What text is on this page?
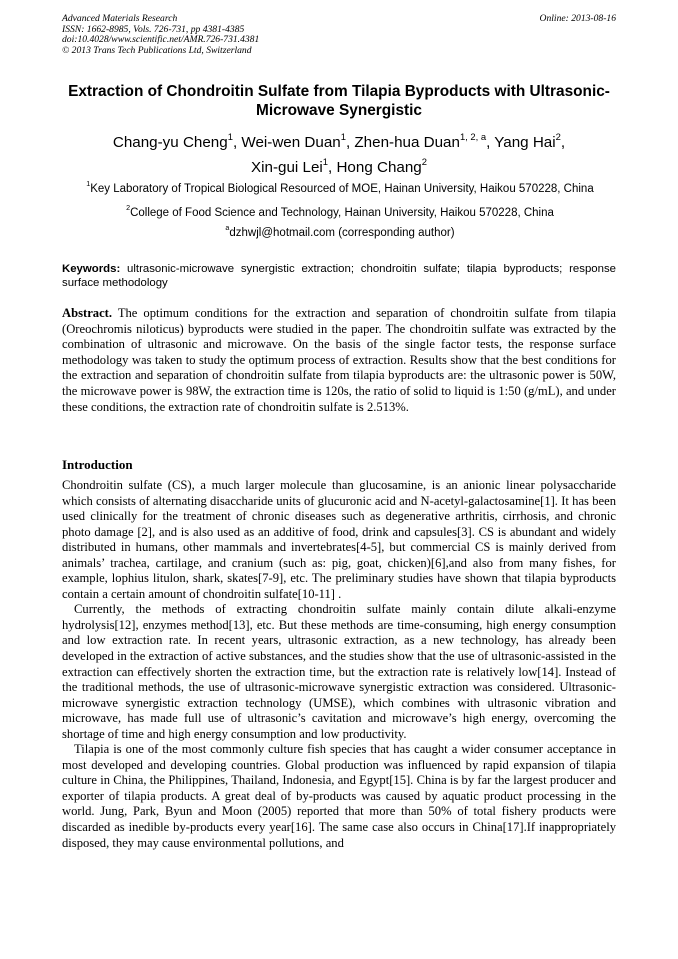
Advanced Materials Research
ISSN: 1662-8985, Vols. 726-731, pp 4381-4385
doi:10.4028/www.scientific.net/AMR.726-731.4381
© 2013 Trans Tech Publications Ltd, Switzerland
Online: 2013-08-16
Extraction of Chondroitin Sulfate from Tilapia Byproducts with Ultrasonic-Microwave Synergistic
Chang-yu Cheng$^1$, Wei-wen Duan$^1$, Zhen-hua Duan$^{1, 2, a}$, Yang Hai$^2$,
Xin-gui Lei$^1$, Hong Chang$^2$
$^1$Key Laboratory of Tropical Biological Resourced of MOE, Hainan University, Haikou 570228, China
$^2$College of Food Science and Technology, Hainan University, Haikou 570228, China
$^a$dzhwjl@hotmail.com (corresponding author)
Keywords: ultrasonic-microwave synergistic extraction; chondroitin sulfate; tilapia byproducts; response surface methodology
Abstract. The optimum conditions for the extraction and separation of chondroitin sulfate from tilapia (Oreochromis niloticus) byproducts were studied in the paper. The chondroitin sulfate was extracted by the combination of ultrasonic and microwave. On the basis of the single factor tests, the response surface methodology was taken to study the optimum process of extraction. Results show that the best conditions for the extraction and separation of chondroitin sulfate from tilapia byproducts are: the ultrasonic power is 50W, the microwave power is 98W, the extraction time is 120s, the ratio of solid to liquid is 1:50 (g/mL), and under these conditions, the extraction rate of chondroitin sulfate is 2.513%.
Introduction

Chondroitin sulfate (CS), a much larger molecule than glucosamine, is an anionic linear polysaccharide which consists of alternating disaccharide units of glucuronic acid and N-acetyl-galactosamine[1]. It has been used clinically for the treatment of chronic diseases such as degenerative arthritis, cirrhosis, and chronic photo damage [2], and is also used as an additive of food, drink and capsules[3]. CS is abundant and widely distributed in humans, other mammals and invertebrates[4-5], but commercial CS is mainly derived from animals’ trachea, cartilage, and cranium (such as: pig, goat, chicken)[6],and also from many fishes, for example, lophius litulon, shark, skates[7-9], etc. The preliminary studies have shown that tilapia byproducts contain a certain amount of chondroitin sulfate[10-11] .

Currently, the methods of extracting chondroitin sulfate mainly contain dilute alkali-enzyme hydrolysis[12], enzymes method[13], etc. But these methods are time-consuming, high energy consumption and low extraction rate. In recent years, ultrasonic extraction, as a new technology, has already been developed in the extraction of active substances, and the studies show that the use of ultrasonic-assisted in the extraction can effectively shorten the extraction time, but the extraction rate is relatively low[14]. Instead of the traditional methods, the use of ultrasonic-microwave synergistic extraction was considered. Ultrasonic-microwave synergistic extraction technology (UMSE), which combines with ultrasonic vibration and microwave, has made full use of ultrasonic’s cavitation and microwave’s high energy, overcoming the shortage of time and high energy consumption and low productivity.

Tilapia is one of the most commonly culture fish species that has caught a wider consumer acceptance in most developed and developing countries. Global production was influenced by rapid expansion of tilapia culture in China, the Philippines, Thailand, Indonesia, and Egypt[15]. China is by far the largest producer and exporter of tilapia products. A great deal of by-products was caused by aquatic product processing in the world. Jung, Park, Byun and Moon (2005) reported that more than 50% of total fishery products were discarded as inedible by-products every year[16]. The same case also occurs in China[17].If inappropriately disposed, they may cause environmental pollutions, and
